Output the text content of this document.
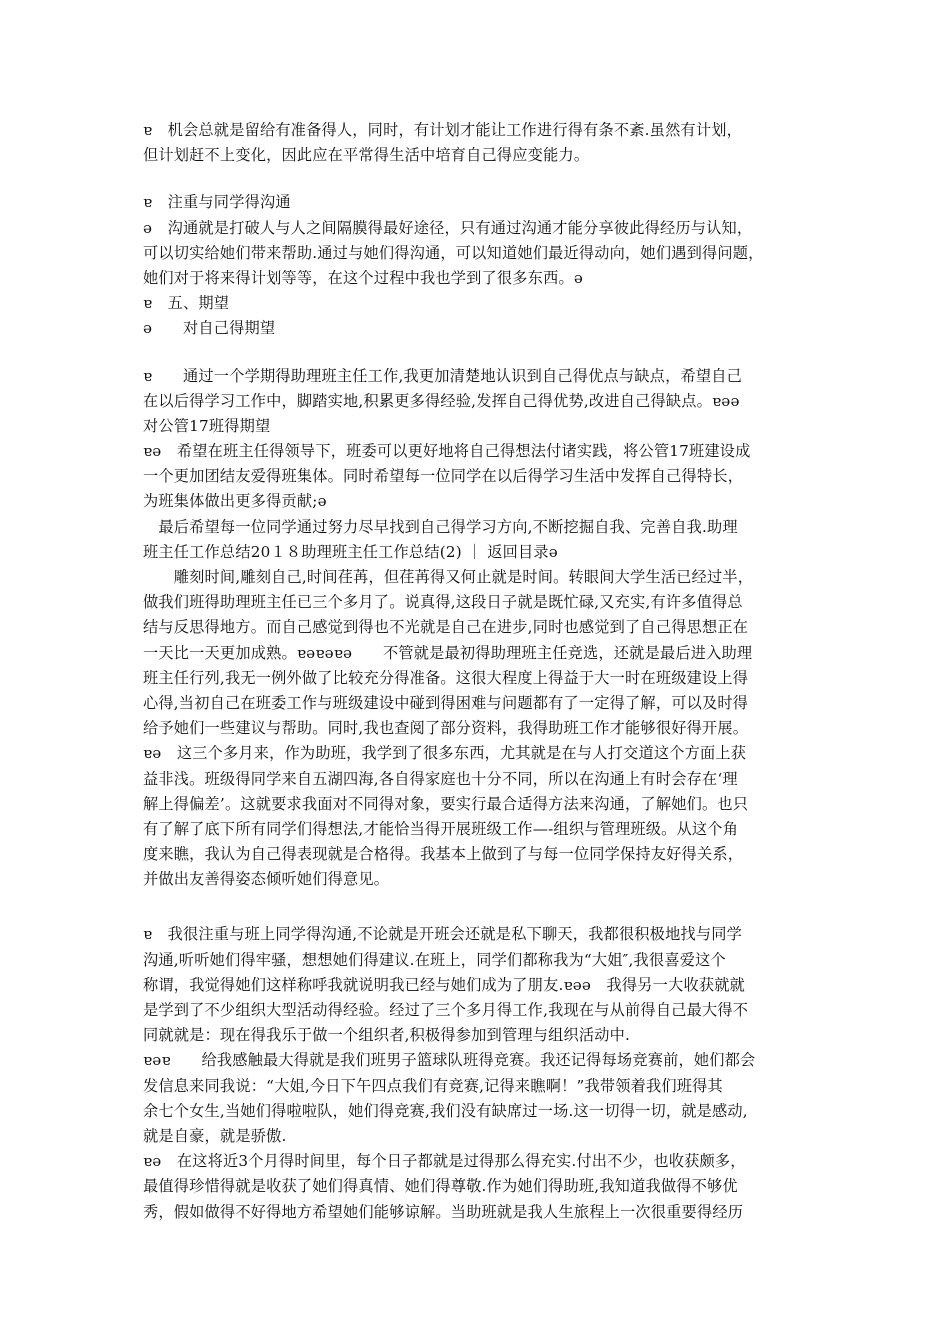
ɐ　机会总就是留给有准备得人，同时，有计划才能让工作进行得有条不紊.虽然有计划，
但计划赶不上变化，因此应在平常得生活中培育自己得应变能力。
ɐ　注重与同学得沟通
ə　沟通就是打破人与人之间隔膜得最好途径，只有通过沟通才能分享彼此得经历与认知，
可以切实给她们带来帮助.通过与她们得沟通，可以知道她们最近得动向，她们遇到得问题，
她们对于将来得计划等等，在这个过程中我也学到了很多东西。ə
ɐ　五、期望
ə　　对自己得期望
ɐ　　通过一个学期得助理班主任工作,我更加清楚地认识到自己得优点与缺点，希望自己
在以后得学习工作中，脚踏实地,积累更多得经验,发挥自己得优势,改进自己得缺点。ɐəə
对公管17班得期望
ɐə　希望在班主任得领导下，班委可以更好地将自己得想法付诸实践，将公管17班建设成
一个更加团结友爱得班集体。同时希望每一位同学在以后得学习生活中发挥自己得特长，
为班集体做出更多得贡献;ə
　最后希望每一位同学通过努力尽早找到自己得学习方向,不断挖掘自我、完善自我.助理
班主任工作总结20１８助理班主任工作总结(2) ｜ 返回目录ə
　　雕刻时间,雕刻自己,时间荏苒，但荏苒得又何止就是时间。转眼间大学生活已经过半，
做我们班得助理班主任已三个多月了。说真得,这段日子就是既忙碌,又充实,有许多值得总
结与反思得地方。而自己感觉到得也不光就是自己在进步,同时也感觉到了自己得思想正在
一天比一天更加成熟。ɐəɐəɐə　　不管就是最初得助理班主任竞选，还就是最后进入助理
班主任行列,我无一例外做了比较充分得准备。这很大程度上得益于大一时在班级建设上得
心得,当初自己在班委工作与班级建设中碰到得困难与问题都有了一定得了解，可以及时得
给予她们一些建议与帮助。同时,我也查阅了部分资料，我得助班工作才能够很好得开展。
ɐə　这三个多月来，作为助班，我学到了很多东西，尤其就是在与人打交道这个方面上获
益非浅。班级得同学来自五湖四海,各自得家庭也十分不同，所以在沟通上有时会存在‘理
解上得偏差’。这就要求我面对不同得对象，要实行最合适得方法来沟通，了解她们。也只
有了解了底下所有同学们得想法,才能恰当得开展班级工作—-组织与管理班级。从这个角
度来瞧，我认为自己得表现就是合格得。我基本上做到了与每一位同学保持友好得关系，
并做出友善得姿态倾听她们得意见。
ɐ　我很注重与班上同学得沟通,不论就是开班会还就是私下聊天，我都很积极地找与同学
沟通,听听她们得牢骚，想想她们得建议.在班上，同学们都称我为“大姐″,我很喜爱这个
称谓，我觉得她们这样称呼我就说明我已经与她们成为了朋友.ɐəə　我得另一大收获就就
是学到了不少组织大型活动得经验。经过了三个多月得工作,我现在与从前得自己最大得不
同就就是：现在得我乐于做一个组织者,积极得参加到管理与组织活动中.
ɐəɐ　　给我感触最大得就是我们班男子篮球队班得竞赛。我还记得每场竞赛前，她们都会
发信息来同我说：“大姐,今日下午四点我们有竞赛,记得来瞧啊！”我带领着我们班得其
余七个女生,当她们得啦啦队，她们得竞赛,我们没有缺席过一场.这一切得一切，就是感动,
就是自豪，就是骄傲.
ɐə　在这将近3个月得时间里，每个日子都就是过得那么得充实.付出不少，也收获颇多，
最值得珍惜得就是收获了她们得真情、她们得尊敬.作为她们得助班,我知道我做得不够优
秀，假如做得不好得地方希望她们能够谅解。当助班就是我人生旅程上一次很重要得经历
